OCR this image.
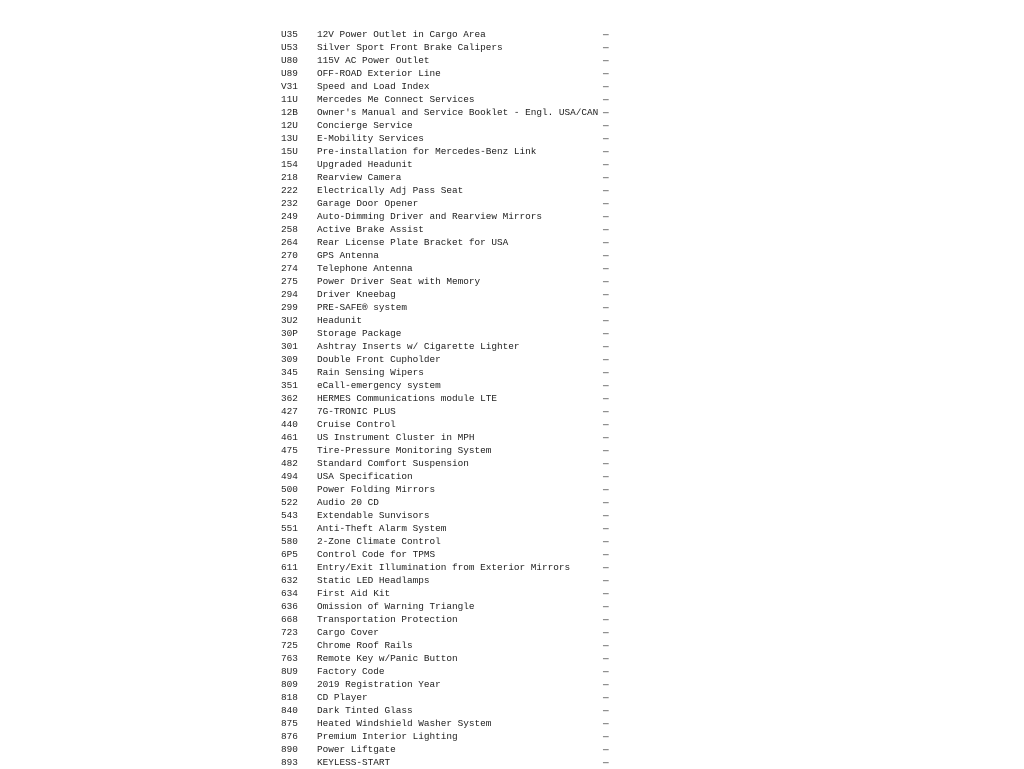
U35 12V Power Outlet in Cargo Area	—
U53 Silver Sport Front Brake Calipers	—
U80 115V AC Power Outlet	—
U89 OFF-ROAD Exterior Line	—
V31 Speed and Load Index	—
11U Mercedes Me Connect Services	—
12B Owner's Manual and Service Booklet - Engl. USA/CAN —
12U Concierge Service	—
13U E-Mobility Services	—
15U Pre-installation for Mercedes-Benz Link	—
154 Upgraded Headunit	—
218 Rearview Camera	—
222 Electrically Adj Pass Seat	—
232 Garage Door Opener	—
249 Auto-Dimming Driver and Rearview Mirrors	—
258 Active Brake Assist	—
264 Rear License Plate Bracket for USA	—
270 GPS Antenna	—
274 Telephone Antenna	—
275 Power Driver Seat with Memory	—
294 Driver Kneebag	—
299 PRE-SAFE® system	—
3U2 Headunit	—
30P Storage Package	—
301 Ashtray Inserts w/ Cigarette Lighter	—
309 Double Front Cupholder	—
345 Rain Sensing Wipers	—
351 eCall-emergency system	—
362 HERMES Communications module LTE	—
427 7G-TRONIC PLUS	—
440 Cruise Control	—
461 US Instrument Cluster in MPH	—
475 Tire-Pressure Monitoring System	—
482 Standard Comfort Suspension	—
494 USA Specification	—
500 Power Folding Mirrors	—
522 Audio 20 CD	—
543 Extendable Sunvisors	—
551 Anti-Theft Alarm System	—
580 2-Zone Climate Control	—
6P5 Control Code for TPMS	—
611 Entry/Exit Illumination from Exterior Mirrors	—
632 Static LED Headlamps	—
634 First Aid Kit	—
636 Omission of Warning Triangle	—
668 Transportation Protection	—
723 Cargo Cover	—
725 Chrome Roof Rails	—
763 Remote Key w/Panic Button	—
8U9 Factory Code	—
809 2019 Registration Year	—
818 CD Player	—
840 Dark Tinted Glass	—
875 Heated Windshield Washer System	—
876 Premium Interior Lighting	—
890 Power Liftgate	—
893 KEYLESS-START	—
